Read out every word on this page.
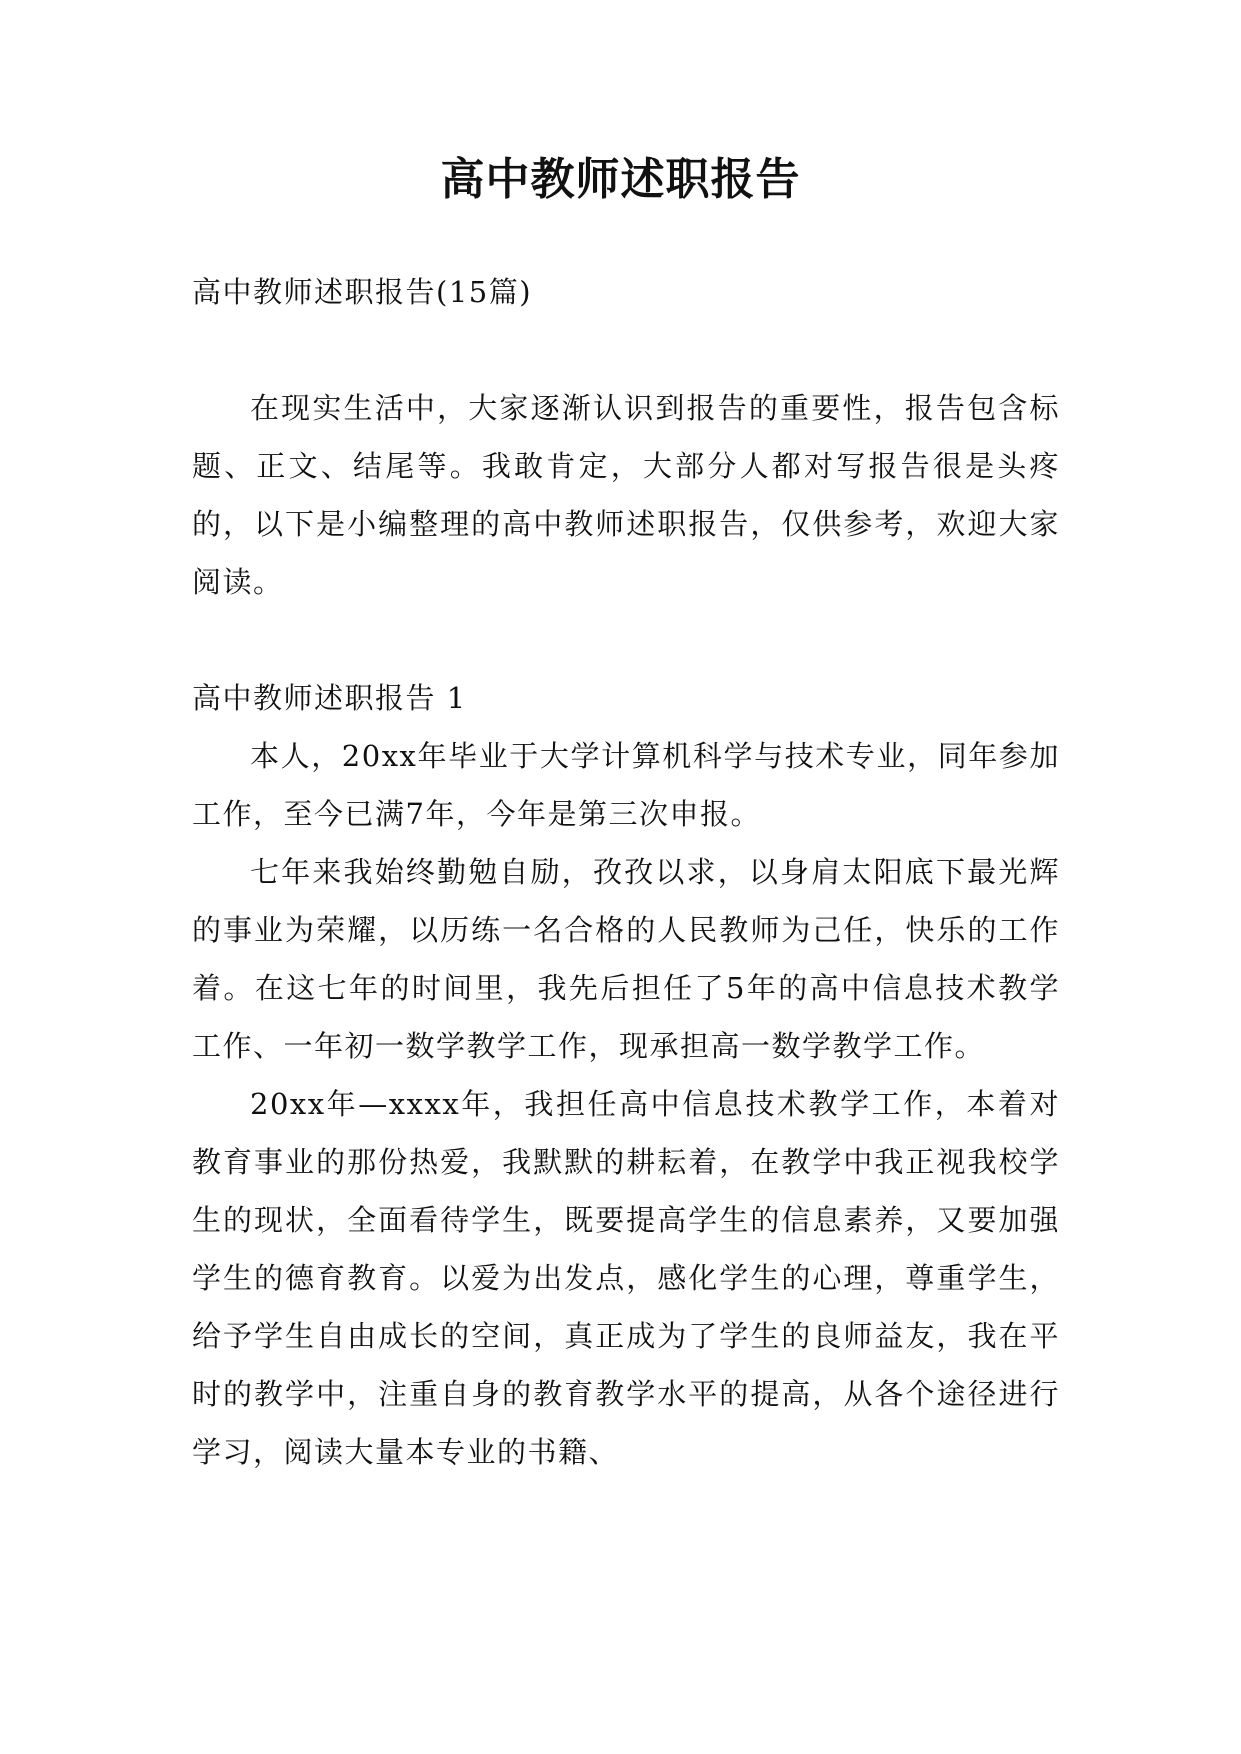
高中教师述职报告

高中教师述职报告(15篇)

在现实生活中，大家逐渐认识到报告的重要性，报告包含标题、正文、结尾等。我敢肯定，大部分人都对写报告很是头疼的，以下是小编整理的高中教师述职报告，仅供参考，欢迎大家阅读。

高中教师述职报告 1

本人，20xx年毕业于大学计算机科学与技术专业，同年参加工作，至今已满7年，今年是第三次申报。

七年来我始终勤勉自励，孜孜以求，以身肩太阳底下最光辉的事业为荣耀，以历练一名合格的人民教师为己任，快乐的工作着。在这七年的时间里，我先后担任了5年的高中信息技术教学工作、一年初一数学教学工作，现承担高一数学教学工作。

20xx年—xxxx年，我担任高中信息技术教学工作，本着对教育事业的那份热爱，我默默的耕耘着，在教学中我正视我校学生的现状，全面看待学生，既要提高学生的信息素养，又要加强学生的德育教育。以爱为出发点，感化学生的心理，尊重学生，给予学生自由成长的空间，真正成为了学生的良师益友，我在平时的教学中，注重自身的教育教学水平的提高，从各个途径进行学习，阅读大量本专业的书籍、
